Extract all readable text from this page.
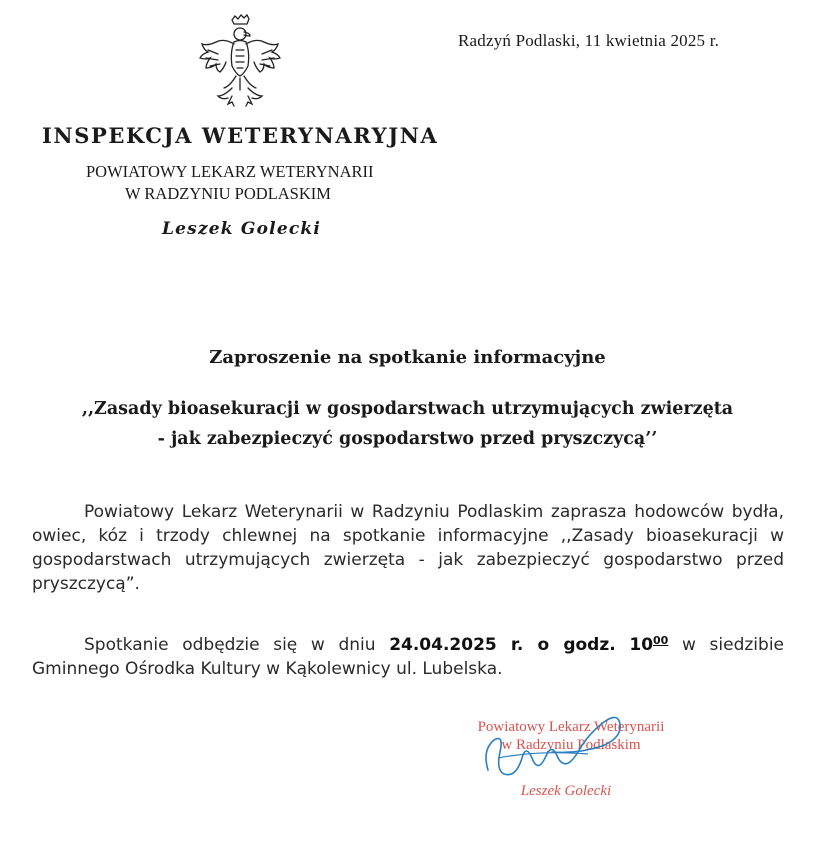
Radzyń Podlaski, 11 kwietnia 2025 r.
INSPEKCJA WETERYNARYJNA
POWIATOWY LEKARZ WETERYNARII
W RADZYNIU PODLASKIM
Leszek Golecki
Zaproszenie na spotkanie informacyjne
,,Zasady bioasekuracji w gospodarstwach utrzymujących zwierzęta
- jak zabezpieczyć gospodarstwo przed pryszczycą’’
Powiatowy Lekarz Weterynarii w Radzyniu Podlaskim zaprasza hodowców bydła, owiec, kóz i trzody chlewnej na spotkanie informacyjne ,,Zasady bioasekuracji w gospodarstwach utrzymujących zwierzęta - jak zabezpieczyć gospodarstwo przed pryszczycą”.
Spotkanie odbędzie się w dniu 24.04.2025 r. o godz. $10^{00}$ w siedzibie Gminnego Ośrodka Kultury w Kąkolewnicy ul. Lubelska.
Powiatowy Lekarz Weterynarii
w Radzyniu Podlaskim
Leszek Golecki
